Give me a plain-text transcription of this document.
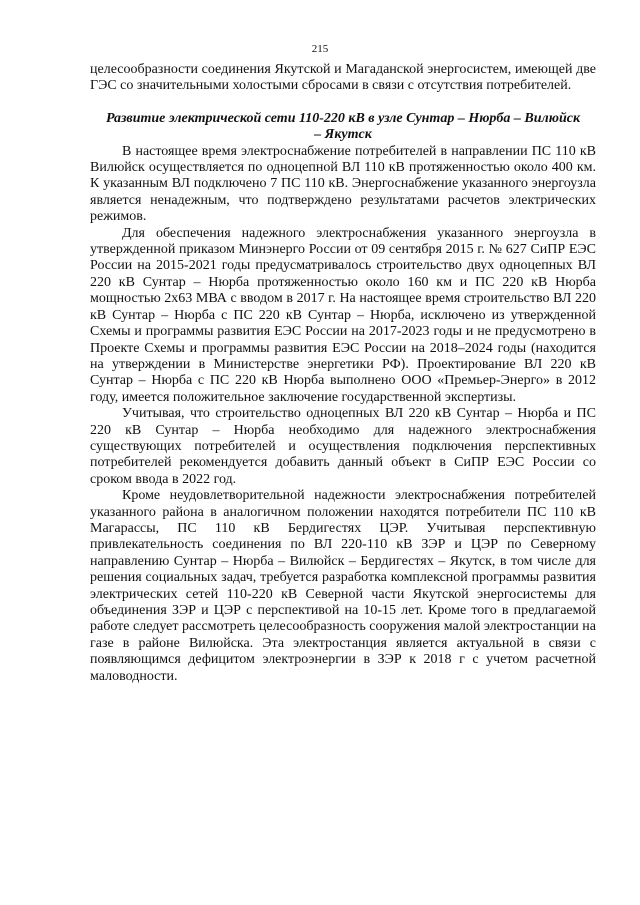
215

целесообразности соединения Якутской и Магаданской энергосистем, имеющей две ГЭС со значительными холостыми сбросами в связи с отсутствия потребителей.

Развитие электрической сети 110-220 кВ в узле Сунтар – Нюрба – Вилюйск – Якутск

В настоящее время электроснабжение потребителей в направлении ПС 110 кВ Вилюйск осуществляется по одноцепной ВЛ 110 кВ протяженностью около 400 км. К указанным ВЛ подключено 7 ПС 110 кВ. Энергоснабжение указанного энергоузла является ненадежным, что подтверждено результатами расчетов электрических режимов.

Для обеспечения надежного электроснабжения указанного энергоузла в утвержденной приказом Минэнерго России от 09 сентября 2015 г. № 627 СиПР ЕЭС России на 2015-2021 годы предусматривалось строительство двух одноцепных ВЛ 220 кВ Сунтар – Нюрба протяженностью около 160 км и ПС 220 кВ Нюрба мощностью 2х63 МВА с вводом в 2017 г. На настоящее время строительство ВЛ 220 кВ Сунтар – Нюрба с ПС 220 кВ Сунтар – Нюрба, исключено из утвержденной Схемы и программы развития ЕЭС России на 2017-2023 годы и не предусмотрено в Проекте Схемы и программы развития ЕЭС России на 2018–2024 годы (находится на утверждении в Министерстве энергетики РФ). Проектирование ВЛ 220 кВ Сунтар – Нюрба с ПС 220 кВ Нюрба выполнено ООО «Премьер-Энерго» в 2012 году, имеется положительное заключение государственной экспертизы.

Учитывая, что строительство одноцепных ВЛ 220 кВ Сунтар – Нюрба и ПС 220 кВ Сунтар – Нюрба необходимо для надежного электроснабжения существующих потребителей и осуществления подключения перспективных потребителей рекомендуется добавить данный объект в СиПР ЕЭС России со сроком ввода в 2022 год.

Кроме неудовлетворительной надежности электроснабжения потребителей указанного района в аналогичном положении находятся потребители ПС 110 кВ Магарассы, ПС 110 кВ Бердигестях ЦЭР. Учитывая перспективную привлекательность соединения по ВЛ 220-110 кВ ЗЭР и ЦЭР по Северному направлению Сунтар – Нюрба – Вилюйск – Бердигестях – Якутск, в том числе для решения социальных задач, требуется разработка комплексной программы развития электрических сетей 110-220 кВ Северной части Якутской энергосистемы для объединения ЗЭР и ЦЭР с перспективой на 10-15 лет. Кроме того в предлагаемой работе следует рассмотреть целесообразность сооружения малой электростанции на газе в районе Вилюйска. Эта электростанция является актуальной в связи с появляющимся дефицитом электроэнергии в ЗЭР к 2018 г с учетом расчетной маловодности.
